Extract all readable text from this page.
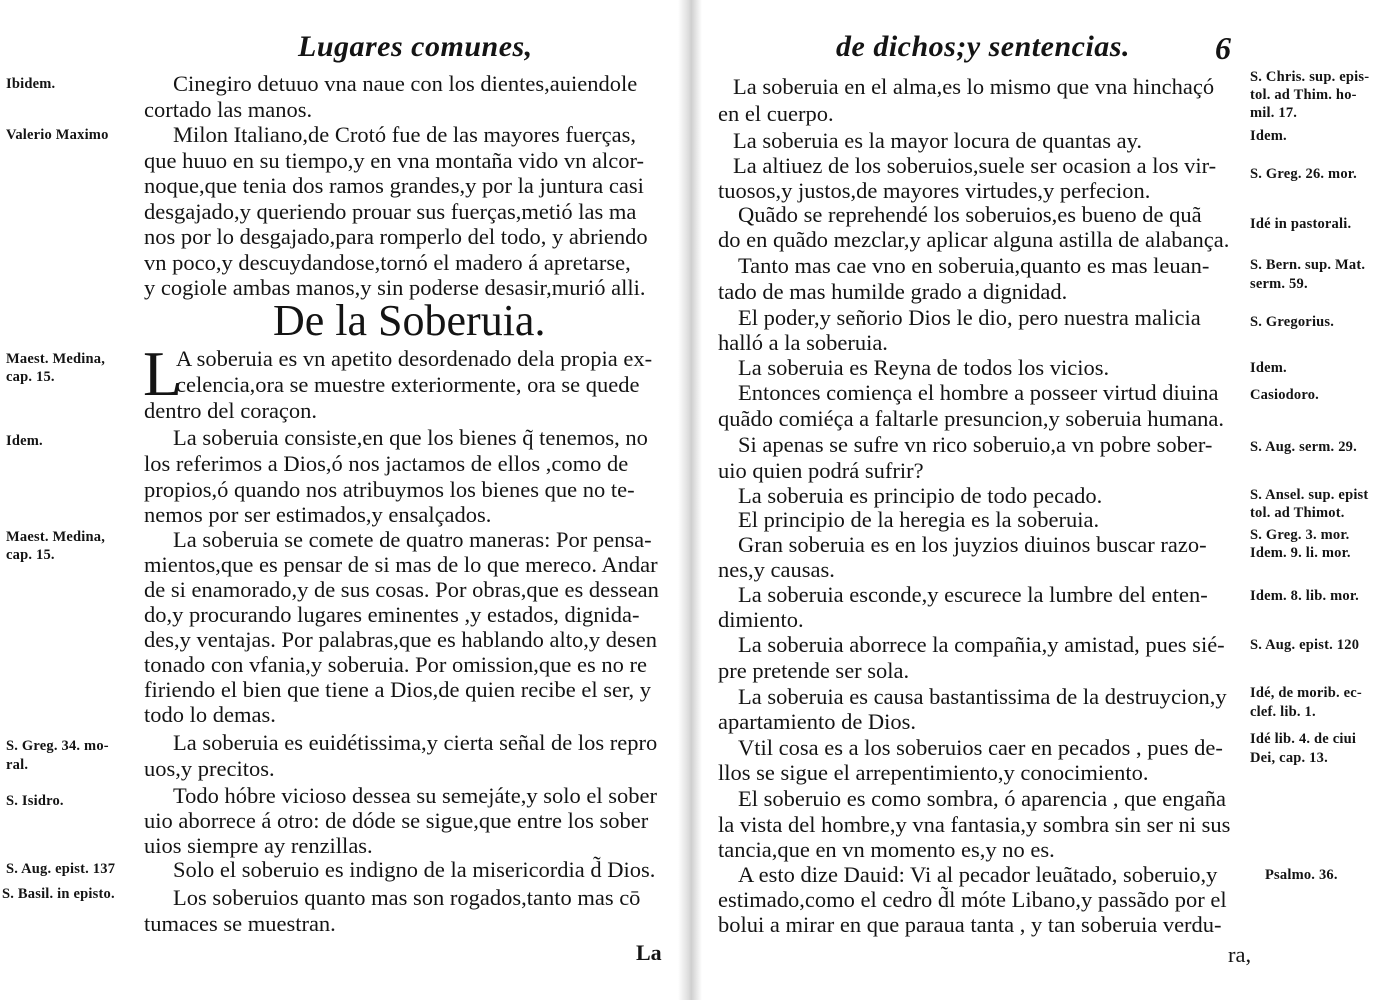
Lugares comunes,
Cinegiro detuuo vna naue con los dientes,auiendole
cortado las manos.
Milon Italiano,de Crotó fue de las mayores fuerças,
que huuo en su tiempo,y en vna montaña vido vn alcor-
noque,que tenia dos ramos grandes,y por la juntura casi
desgajado,y queriendo prouar sus fuerças,metió las ma
nos por lo desgajado,para romperlo del todo, y abriendo
vn poco,y descuydandose,tornó el madero á apretarse,
y cogiole ambas manos,y sin poderse desasir,murió alli.
De la Soberuia.
L
A soberuia es vn apetito desordenado dela propia ex-
celencia,ora se muestre exteriormente, ora se quede
dentro del coraçon.
La soberuia consiste,en que los bienes q̃ tenemos, no
los referimos a Dios,ó nos jactamos de ellos ,como de
propios,ó quando nos atribuymos los bienes que no te-
nemos por ser estimados,y ensalçados.
La soberuia se comete de quatro maneras: Por pensa-
mientos,que es pensar de si mas de lo que mereco. Andar
de si enamorado,y de sus cosas. Por obras,que es dessean
do,y procurando lugares eminentes ,y estados, dignida-
des,y ventajas. Por palabras,que es hablando alto,y desen
tonado con vfania,y soberuia. Por omission,que es no re
firiendo el bien que tiene a Dios,de quien recibe el ser, y
todo lo demas.
La soberuia es euidétissima,y cierta señal de los repro
uos,y precitos.
Todo hóbre vicioso dessea su semejáte,y solo el sober
uio aborrece á otro: de dóde se sigue,que entre los sober
uios siempre ay renzillas.
Solo el soberuio es indigno de la misericordia d̃ Dios.
Los soberuios quanto mas son rogados,tanto mas cō
tumaces se muestran.
La
Ibidem.
Valerio Maximo
Maest. Medina,
cap. 15.
Idem.
Maest. Medina,
cap. 15.
S. Greg. 34. mo-
ral.
S. Isidro.
S. Aug. epist. 137
S. Basil. in episto.
de dichos;y sentencias.	6
La soberuia en el alma,es lo mismo que vna hinchaçó
en el cuerpo.
La soberuia es la mayor locura de quantas ay.
La altiuez de los soberuios,suele ser ocasion a los vir-
tuosos,y justos,de mayores virtudes,y perfecion.
Quãdo se reprehendé los soberuios,es bueno de quã
do en quãdo mezclar,y aplicar alguna astilla de alabança.
Tanto mas cae vno en soberuia,quanto es mas leuan-
tado de mas humilde grado a dignidad.
El poder,y señorio Dios le dio, pero nuestra malicia
halló a la soberuia.
La soberuia es Reyna de todos los vicios.
Entonces comiença el hombre a posseer virtud diuina
quãdo comiéça a faltarle presuncion,y soberuia humana.
Si apenas se sufre vn rico soberuio,a vn pobre sober-
uio quien podrá sufrir?
La soberuia es principio de todo pecado.
El principio de la heregia es la soberuia.
Gran soberuia es en los juyzios diuinos buscar razo-
nes,y causas.
La soberuia esconde,y escurece la lumbre del enten-
dimiento.
La soberuia aborrece la compañia,y amistad, pues sié-
pre pretende ser sola.
La soberuia es causa bastantissima de la destruycion,y
apartamiento de Dios.
Vtil cosa es a los soberuios caer en pecados , pues de-
llos se sigue el arrepentimiento,y conocimiento.
El soberuio es como sombra, ó aparencia , que engaña
la vista del hombre,y vna fantasia,y sombra sin ser ni sus
tancia,que en vn momento es,y no es.
A esto dize Dauid: Vi al pecador leuãtado, soberuio,y
estimado,como el cedro d̃l móte Libano,y passãdo por el
bolui a mirar en que paraua tanta , y tan soberuia verdu-
ra,
S. Chris. sup. epis-
tol. ad Thim. ho-
mil. 17.
Idem.
S. Greg. 26. mor.
Idé in pastorali.
S. Bern. sup. Mat.
serm. 59.
S. Gregorius.
Idem.
Casiodoro.
S. Aug. serm. 29.
S. Ansel. sup. epist
tol. ad Thimot.
S. Greg. 3. mor.
Idem. 9. li. mor.
Idem. 8. lib. mor.
S. Aug. epist. 120
Idé, de morib. ec-
clef. lib. 1.
Idé lib. 4. de ciui
Dei, cap. 13.
Psalmo. 36.
